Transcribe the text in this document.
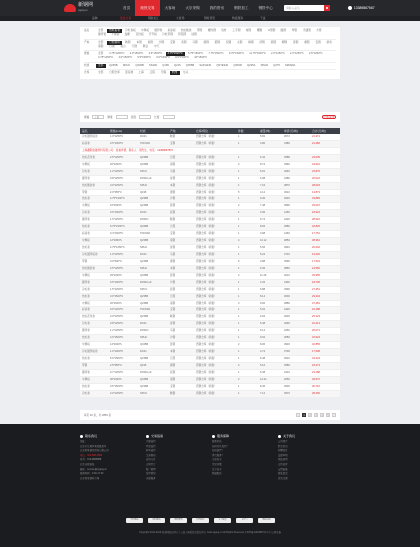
新钢网
xgang.cn
首页	现货交易	大客场	大宗采购	我的资讯	钢铁加工	钢铁中心	请输入品名	13389867567
品种	现货交易	钢铁加工	大客场	钢材资讯	物流服务	干货
品名	全部	热轧板卷	冷轧卷板	中厚板	镀锌卷	彩涂板	热轧酸洗	带钢	螺纹钢	线材	工字钢	角钢	槽钢	H型钢	圆钢	焊管	无缝管	方管
镀锌管	不锈钢	盘螺	花纹板	开平板	冷轧带钢	锌铝镁	硅钢
产地	全部	日照钢铁	鞍钢	本钢	首钢	沙钢	宝钢	武钢	马钢	唐钢	邯钢	包钢	太钢	梅钢	济钢	莱钢	柳钢	涟钢	湘钢	安钢	新余
南钢	日钢	燕山	天钢	敬业	中天
规格	全部	2.75*1250*C	3.0*1500*C	3.5*1500*C	4.75*1500*C	5.75*1500*C	7.75*1500*C	9.75*1500*C	11.75*1500*C	2.0*1250*C	2.3*1250*C	2.5*1250*C
3.75*1250*C	4.0*1500*C	5.5*1500*C	6.0*1500*C	8.0*1500*C	10*1500*C
材质	全部	Q235B	SPHC	Q345B	SS400	Q195	Q215	Q355B	SAPH440	QSTE340	Q345R	Q235A	SPHD	Q275	SM490A
仓库	全部	日照仓库	张家港	上海	江阴	无锡	杭州	乐从
规格	上海	厚度	宽度	长度	立即查找
品名	规格(mm)	材质	产地	仓库/库位	件数	重量(吨)	单价(元/吨)	合计(元/吨)
冷轧镀锌板卷	1.0*1250*C	DC01	鞍钢	西钢仓库（新街）	1	5.82	3672	21,371
彩涂卷	0.5*1000*C	TDC51D	宝钢	西钢仓库（新街）	1	4.86	4380	21,286
上海鑫钢金属材料有限公司：查看详情，联系人：胡先生，电话：13389867567
热轧花纹卷	2.5*1250*C	Q235B	日照	西钢仓库（新街）	1	6.42	3588	23,035
中厚板	20*2200*L	Q345B	南钢	西钢仓库（新街）	3	8.74	3960	34,610
冷轧卷	1.2*1250*C	SPCC	马钢	西钢仓库（新街）	1	5.91	4040	23,876
镀锌卷	0.8*1250*C	DX51D+Z	首钢	西钢仓库（新街）	1	6.08	4280	26,022
热轧酸洗卷	3.0*1250*C	SPHC	本钢	西钢仓库（新街）	1	7.24	3870	28,018
带钢	2.0*355*C	Q195	唐钢	西钢仓库（新街）	5	4.12	3610	14,873
热轧卷	4.75*1500*C	Q235B	沙钢	西钢仓库（新街）	1	9.36	3620	33,883
中厚板	16*2000*L	Q235B	涟钢	西钢仓库（新街）	2	7.48	3890	29,097
冷轧卷	0.6*1000*C	DC01	武钢	西钢仓库（新街）	1	4.56	4150	18,924
镀锌卷	1.5*1250*C	DX51D	鞍钢	西钢仓库（新街）	1	6.74	4230	28,510
热轧卷	5.75*1500*C	Q345B	日照	西钢仓库（新街）	1	8.92	3680	32,826
彩涂卷	0.4*1000*C	TDC51D	宝钢	西钢仓库（新街）	1	3.98	4460	17,751
中厚板	12*1800*L	Q235B	南钢	西钢仓库（新街）	4	10.12	3850	38,962
热轧卷	2.75*1250*C	SPHC	首钢	西钢仓库（新街）	1	5.66	3640	20,602
冷轧镀锌板卷	1.0*1250*C	DC01	马钢	西钢仓库（新街）	1	5.24	3710	19,440
带钢	3.0*300*C	Q235B	唐钢	西钢仓库（新街）	6	4.88	3590	17,519
热轧酸洗卷	2.5*1250*C	SPHC	本钢	西钢仓库（新街）	1	6.36	3860	24,550
中厚板	25*2200*L	Q345B	涟钢	西钢仓库（新街）	2	11.46	4010	45,955
镀锌卷	0.5*1000*C	DX51D+Z	沙钢	西钢仓库（新街）	1	4.32	4330	18,706
冷轧卷	1.5*1250*C	SPCC	武钢	西钢仓库（新街）	1	6.88	3990	27,451
热轧卷	3.0*1500*C	Q235B	日照	西钢仓库（新街）	1	8.14	3600	29,304
中厚板	20*2000*L	Q235B	南钢	西钢仓库（新街）	3	9.66	3880	37,481
彩涂卷	0.6*1200*C	TDC51D	宝钢	西钢仓库（新街）	1	5.02	4420	22,188
热轧花纹卷	3.0*1250*C	Q235B	鞍钢	西钢仓库（新街）	1	6.94	3620	25,123
冷轧卷	0.8*1250*C	DC01	首钢	西钢仓库（新街）	1	5.48	4090	22,413
镀锌卷	1.2*1250*C	DX51D	马钢	西钢仓库（新街）	1	6.12	4260	26,071
热轧卷	4.0*1500*C	SPHC	沙钢	西钢仓库（新街）	1	9.02	3650	32,923
中厚板	14*2000*L	Q345B	涟钢	西钢仓库（新街）	2	8.36	3930	32,855
冷轧镀锌板卷	1.0*1000*C	DC01	本钢	西钢仓库（新街）	1	4.74	3700	17,538
热轧卷	5.0*1500*C	Q235B	日照	西钢仓库（新街）	1	9.48	3610	34,223
带钢	2.5*355*C	Q195	唐钢	西钢仓库（新街）	4	5.16	3580	18,473
镀锌卷	0.7*1250*C	DX51D+Z	武钢	西钢仓库（新街）	1	5.38	4310	23,188
中厚板	30*2200*L	Q345B	南钢	西钢仓库（新街）	2	12.24	4050	49,572
热轧卷	3.5*1500*C	Q235B	宝钢	西钢仓库（新街）	1	8.46	3630	30,710
冷轧卷	2.0*1250*C	SPCC	鞍钢	西钢仓库（新街）	1	7.12	3970	28,266
每页 40 条，共 2853 条	<	1	2	3	4	5	>
联系我们

地址：

北京市东城区某某路某号

北京某某钢铁贸易有限公司

电话：400-888-6588

传真：010-8888888

北京仓储地址

邮箱：service@xgang.cn

服务时间：9:00-17:30

北京某某钢材市场

交易指南

注册流程

登录流程

购买流程

交易规则

在线支付

合同签订

账户管理

发票须知

仓储服务

服务保障

服务承诺

如何开具发票？

如何退货？

售后服务？

交易安全

常见问题

资金安全

物流配送

关于我们

公司简介

联系我们

招聘信息

法律声明

网站地图

合作伙伴

友情链接

隐私政策

意见反馈

可信网站	诚信网站	网络警察	信用评价	安全联盟	支付宝	网银在线
Copyright 2011-2019 新钢网版权所有 | 上海 | 备案信息版权所有 www.xgang.cn All Rights Reserved 沪ICP备11004967号-3 沪公网安备
